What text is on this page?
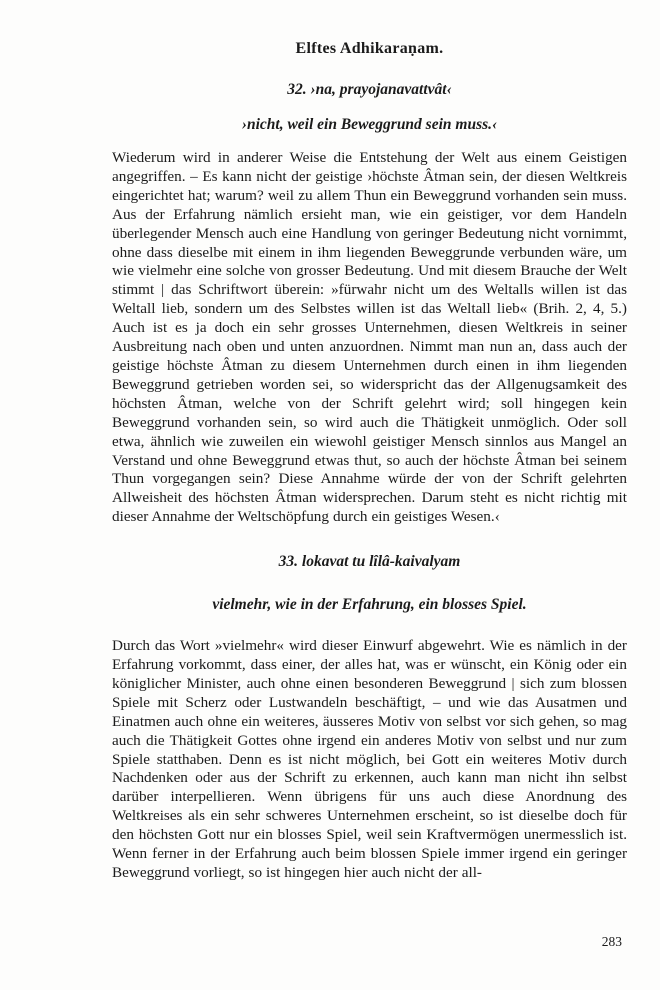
Elftes Adhikaraṇam.
32. ›na, prayojanavattvât‹
›nicht, weil ein Beweggrund sein muss.‹

Wiederum wird in anderer Weise die Entstehung der Welt aus einem Geistigen angegriffen. – Es kann nicht der geistige ›höchste Âtman sein, der diesen Weltkreis eingerichtet hat; warum? weil zu allem Thun ein Beweggrund vorhanden sein muss. Aus der Erfahrung nämlich ersieht man, wie ein geistiger, vor dem Handeln überlegender Mensch auch eine Handlung von geringer Bedeutung nicht vornimmt, ohne dass dieselbe mit einem in ihm liegenden Beweggrunde verbunden wäre, um wie vielmehr eine solche von grosser Bedeutung. Und mit diesem Brauche der Welt stimmt | das Schriftwort überein: »fürwahr nicht um des Weltalls willen ist das Weltall lieb, sondern um des Selbstes willen ist das Weltall lieb« (Brih. 2, 4, 5.) Auch ist es ja doch ein sehr grosses Unternehmen, diesen Weltkreis in seiner Ausbreitung nach oben und unten anzuordnen. Nimmt man nun an, dass auch der geistige höchste Âtman zu diesem Unternehmen durch einen in ihm liegenden Beweggrund getrieben worden sei, so widerspricht das der Allgenugsamkeit des höchsten Âtman, welche von der Schrift gelehrt wird; soll hingegen kein Beweggrund vorhanden sein, so wird auch die Thätigkeit unmöglich. Oder soll etwa, ähnlich wie zuweilen ein wiewohl geistiger Mensch sinnlos aus Mangel an Verstand und ohne Beweggrund etwas thut, so auch der höchste Âtman bei seinem Thun vorgegangen sein? Diese Annahme würde der von der Schrift gelehrten Allweisheit des höchsten Âtman widersprechen. Darum steht es nicht richtig mit dieser Annahme der Weltschöpfung durch ein geistiges Wesen.‹

33. lokavat tu lîlâ-kaivalyam
vielmehr, wie in der Erfahrung, ein blosses Spiel.

Durch das Wort »vielmehr« wird dieser Einwurf abgewehrt. Wie es nämlich in der Erfahrung vorkommt, dass einer, der alles hat, was er wünscht, ein König oder ein königlicher Minister, auch ohne einen besonderen Beweggrund | sich zum blossen Spiele mit Scherz oder Lustwandeln beschäftigt, – und wie das Ausatmen und Einatmen auch ohne ein weiteres, äusseres Motiv von selbst vor sich gehen, so mag auch die Thätigkeit Gottes ohne irgend ein anderes Motiv von selbst und nur zum Spiele statthaben. Denn es ist nicht möglich, bei Gott ein weiteres Motiv durch Nachdenken oder aus der Schrift zu erkennen, auch kann man nicht ihn selbst darüber interpellieren. Wenn übrigens für uns auch diese Anordnung des Weltkreises als ein sehr schweres Unternehmen erscheint, so ist dieselbe doch für den höchsten Gott nur ein blosses Spiel, weil sein Kraftvermögen unermesslich ist. Wenn ferner in der Erfahrung auch beim blossen Spiele immer irgend ein geringer Beweggrund vorliegt, so ist hingegen hier auch nicht der all-

283
